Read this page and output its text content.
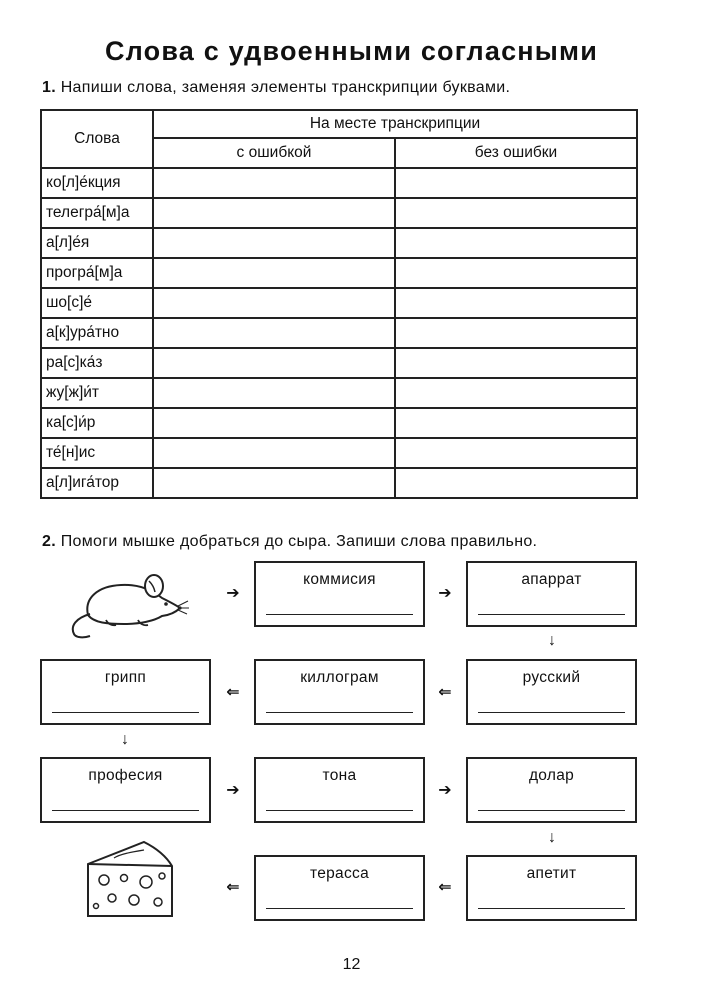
Слова с удвоенными согласными
1. Напиши слова, заменяя элементы транскрипции буквами.
Слова	На месте транскрипции	
	с ошибкой	без ошибки
ко[л]е́кция		
телегра́[м]а		
а[л]е́я		
програ́[м]а		
шо[с]е́		
а[к]ура́тно		
ра[с]ка́з		
жу[ж]и́т		
ка[с]и́р		
те́[н]ис		
а[л]ига́тор		
2. Помоги мышке добраться до сыра. Запиши слова правильно.
коммисия	апаррат
грипп	киллограм	русский
професия	тона	долар
терасса	апетит
➔	➔
↓
⇐
⇐
↓
➔	➔
↓
⇐
⇐
12
